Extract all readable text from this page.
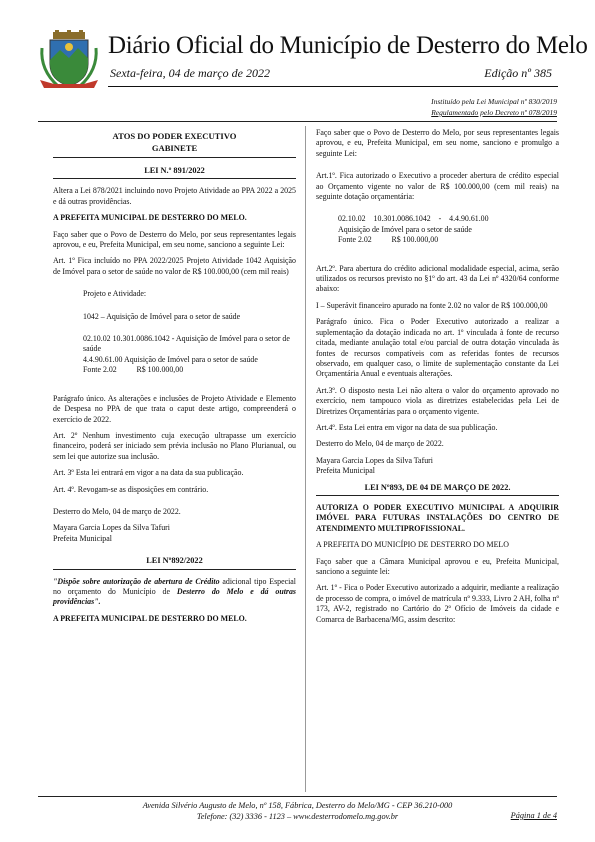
Diário Oficial do Município de Desterro do Melo
Sexta-feira, 04 de março de 2022	Edição nº 385
Instituído pela Lei Municipal nº 830/2019
Regulamentado pelo Decreto nº 078/2019
ATOS DO PODER EXECUTIVO
GABINETE
LEI N.º 891/2022
Altera a Lei 878/2021 incluindo novo Projeto Atividade ao PPA 2022 a 2025 e dá outras providências.
A PREFEITA MUNICIPAL DE DESTERRO DO MELO.
Faço saber que o Povo de Desterro do Melo, por seus representantes legais aprovou, e eu, Prefeita Municipal, em seu nome, sanciono a seguinte Lei:
Art. 1º Fica incluído no PPA 2022/2025 Projeto Atividade 1042 Aquisição de Imóvel para o setor de saúde no valor de R$ 100.000,00 (cem mil reais)
Projeto e Atividade:
1042 – Aquisição de Imóvel para o setor de saúde
02.10.02 10.301.0086.1042 - Aquisição de Imóvel para o setor de saúde
4.4.90.61.00 Aquisição de Imóvel para o setor de saúde
Fonte 2.02          R$ 100.000,00
Parágrafo único. As alterações e inclusões de Projeto Atividade e Elemento de Despesa no PPA de que trata o caput deste artigo, compreenderá o exercício de 2022.
Art. 2º Nenhum investimento cuja execução ultrapasse um exercício financeiro, poderá ser iniciado sem prévia inclusão no Plano Plurianual, ou sem lei que autorize sua inclusão.
Art. 3º Esta lei entrará em vigor a na data da sua publicação.
Art. 4º. Revogam-se as disposições em contrário.
Desterro do Melo, 04 de março de 2022.
Mayara Garcia Lopes da Silva Tafuri
Prefeita Municipal
LEI Nº892/2022
"Dispõe sobre autorização de abertura de Crédito adicional tipo Especial no orçamento do Município de Desterro do Melo e dá outras providências".
A PREFEITA MUNICIPAL DE DESTERRO DO MELO.
Faço saber que o Povo de Desterro do Melo, por seus representantes legais aprovou, e eu, Prefeita Municipal, em seu nome, sanciono e promulgo a seguinte Lei:
Art.1º. Fica autorizado o Executivo a proceder abertura de crédito especial ao Orçamento vigente no valor de R$ 100.000,00 (cem mil reais) na seguinte dotação orçamentária:
02.10.02    10.301.0086.1042    -    4.4.90.61.00
Aquisição de Imóvel para o setor de saúde
Fonte 2.02          R$ 100.000,00
Art.2º. Para abertura do crédito adicional modalidade especial, acima, serão utilizados os recursos previsto no §1º do art. 43 da Lei nº 4320/64 conforme abaixo:
I – Superávit financeiro apurado na fonte 2.02 no valor de R$ 100.000,00
Parágrafo único. Fica o Poder Executivo autorizado a realizar a suplementação da dotação indicada no art. 1º vinculada à fonte de recurso citada, mediante anulação total e/ou parcial de outra dotação vinculada às fontes de recursos compatíveis com as referidas fontes de recursos observado, em qualquer caso, o limite de suplementação constante da Lei Orçamentária Anual e eventuais alterações.
Art.3º. O disposto nesta Lei não altera o valor do orçamento aprovado no exercício, nem tampouco viola as diretrizes estabelecidas pela Lei de Diretrizes Orçamentárias para o orçamento vigente.
Art.4º. Esta Lei entra em vigor na data de sua publicação.
Desterro do Melo, 04 de março de 2022.
Mayara Garcia Lopes da Silva Tafuri
Prefeita Municipal
LEI Nº893, DE 04 DE MARÇO DE 2022.
AUTORIZA O PODER EXECUTIVO MUNICIPAL A ADQUIRIR IMÓVEL PARA FUTURAS INSTALAÇÕES DO CENTRO DE ATENDIMENTO MULTIPROFISSIONAL.
A PREFEITA DO MUNICÍPIO DE DESTERRO DO MELO
Faço saber que a Câmara Municipal aprovou e eu, Prefeita Municipal, sanciono a seguinte lei:
Art. 1º - Fica o Poder Executivo autorizado a adquirir, mediante a realização de processo de compra, o imóvel de matrícula nº 9.333, Livro 2 AH, folha nº 173, AV-2, registrado no Cartório do 2º Ofício de Imóveis da cidade e Comarca de Barbacena/MG, assim descrito:
Avenida Silvério Augusto de Melo, nº 158, Fábrica, Desterro do Melo/MG - CEP 36.210-000
Telefone: (32) 3336 - 1123 – www.desterrodomelo.mg.gov.br	Página 1 de 4
